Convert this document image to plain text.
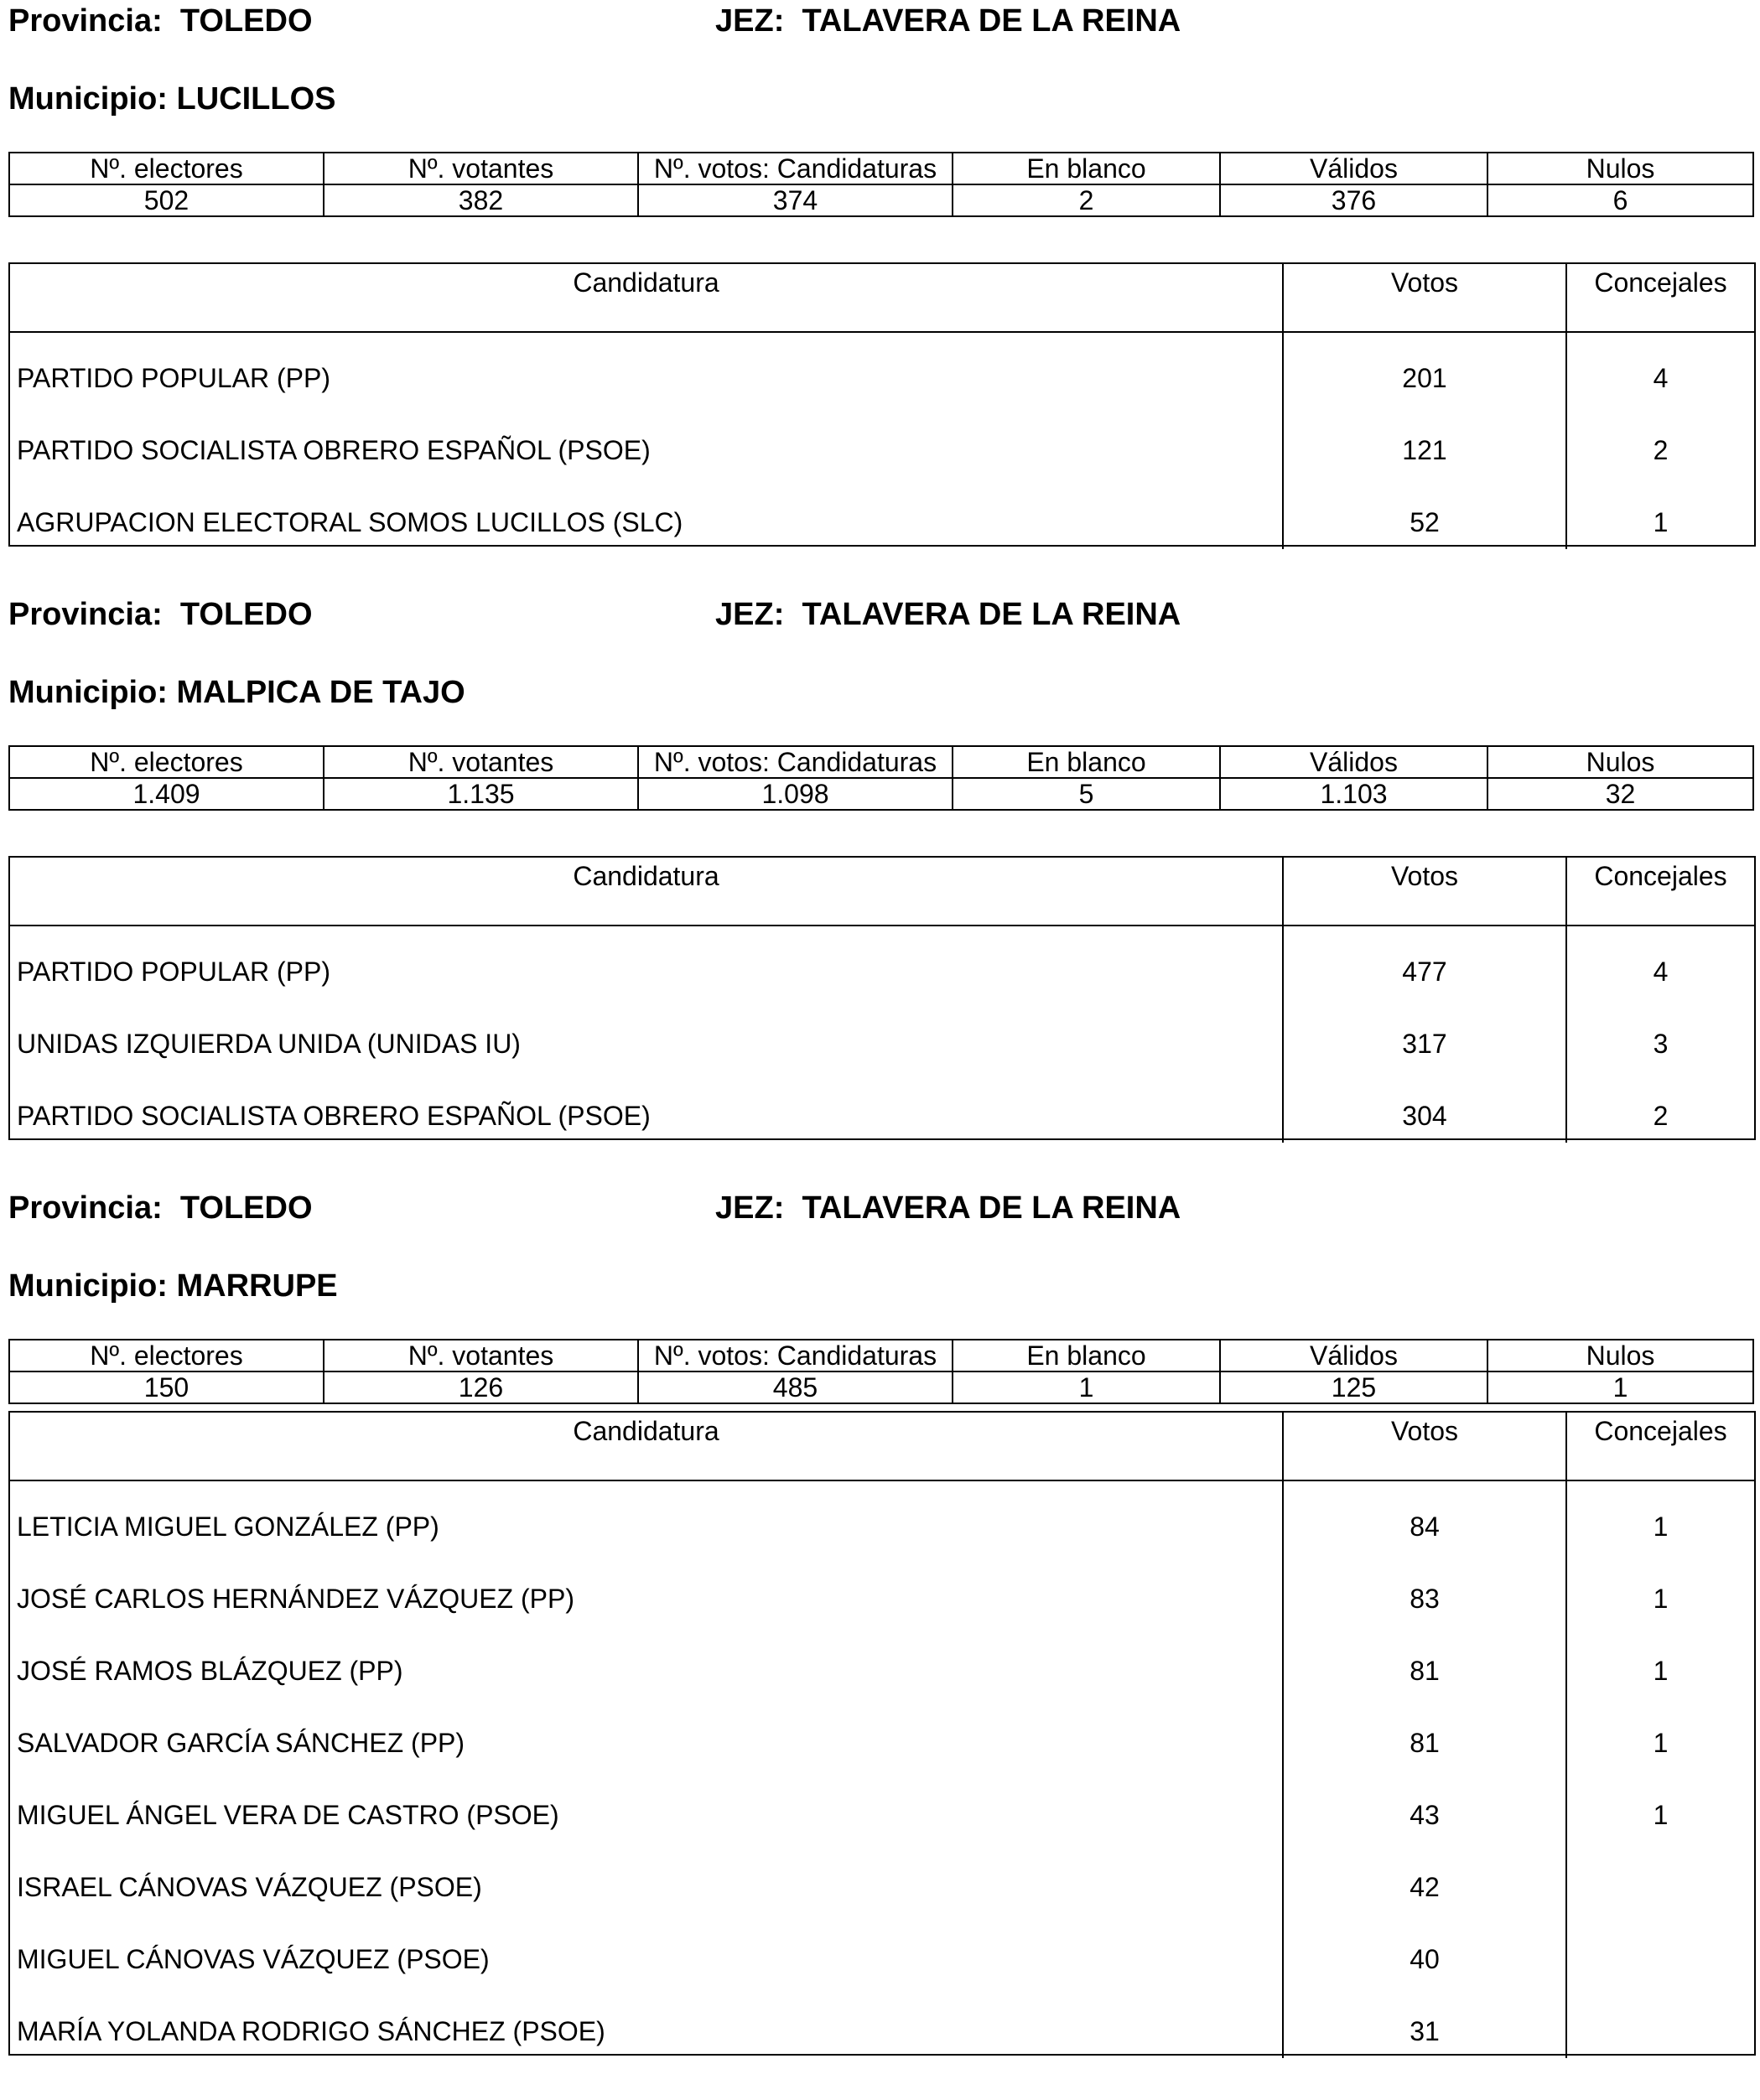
Provincia: TOLEDO	JEZ: TALAVERA DE LA REINA
Municipio: LUCILLOS
Nº. electores	Nº. votantes	Nº. votos: Candidaturas	En blanco	Válidos	Nulos
502	382	374	2	376	6
Candidatura	Votos	Concejales
PARTIDO POPULAR (PP)	201	4
PARTIDO SOCIALISTA OBRERO ESPAÑOL (PSOE)	121	2
AGRUPACION ELECTORAL SOMOS LUCILLOS (SLC)	52	1
Provincia: TOLEDO	JEZ: TALAVERA DE LA REINA
Municipio: MALPICA DE TAJO
Nº. electores	Nº. votantes	Nº. votos: Candidaturas	En blanco	Válidos	Nulos
1.409	1.135	1.098	5	1.103	32
Candidatura	Votos	Concejales
PARTIDO POPULAR (PP)	477	4
UNIDAS IZQUIERDA UNIDA (UNIDAS IU)	317	3
PARTIDO SOCIALISTA OBRERO ESPAÑOL (PSOE)	304	2
Provincia: TOLEDO	JEZ: TALAVERA DE LA REINA
Municipio: MARRUPE
Nº. electores	Nº. votantes	Nº. votos: Candidaturas	En blanco	Válidos	Nulos
150	126	485	1	125	1
Candidatura	Votos	Concejales
LETICIA MIGUEL GONZÁLEZ (PP)	84	1
JOSÉ CARLOS HERNÁNDEZ VÁZQUEZ (PP)	83	1
JOSÉ RAMOS BLÁZQUEZ (PP)	81	1
SALVADOR GARCÍA SÁNCHEZ (PP)	81	1
MIGUEL ÁNGEL VERA DE CASTRO (PSOE)	43	1
ISRAEL CÁNOVAS VÁZQUEZ (PSOE)	42
MIGUEL CÁNOVAS VÁZQUEZ (PSOE)	40
MARÍA YOLANDA RODRIGO SÁNCHEZ (PSOE)	31
